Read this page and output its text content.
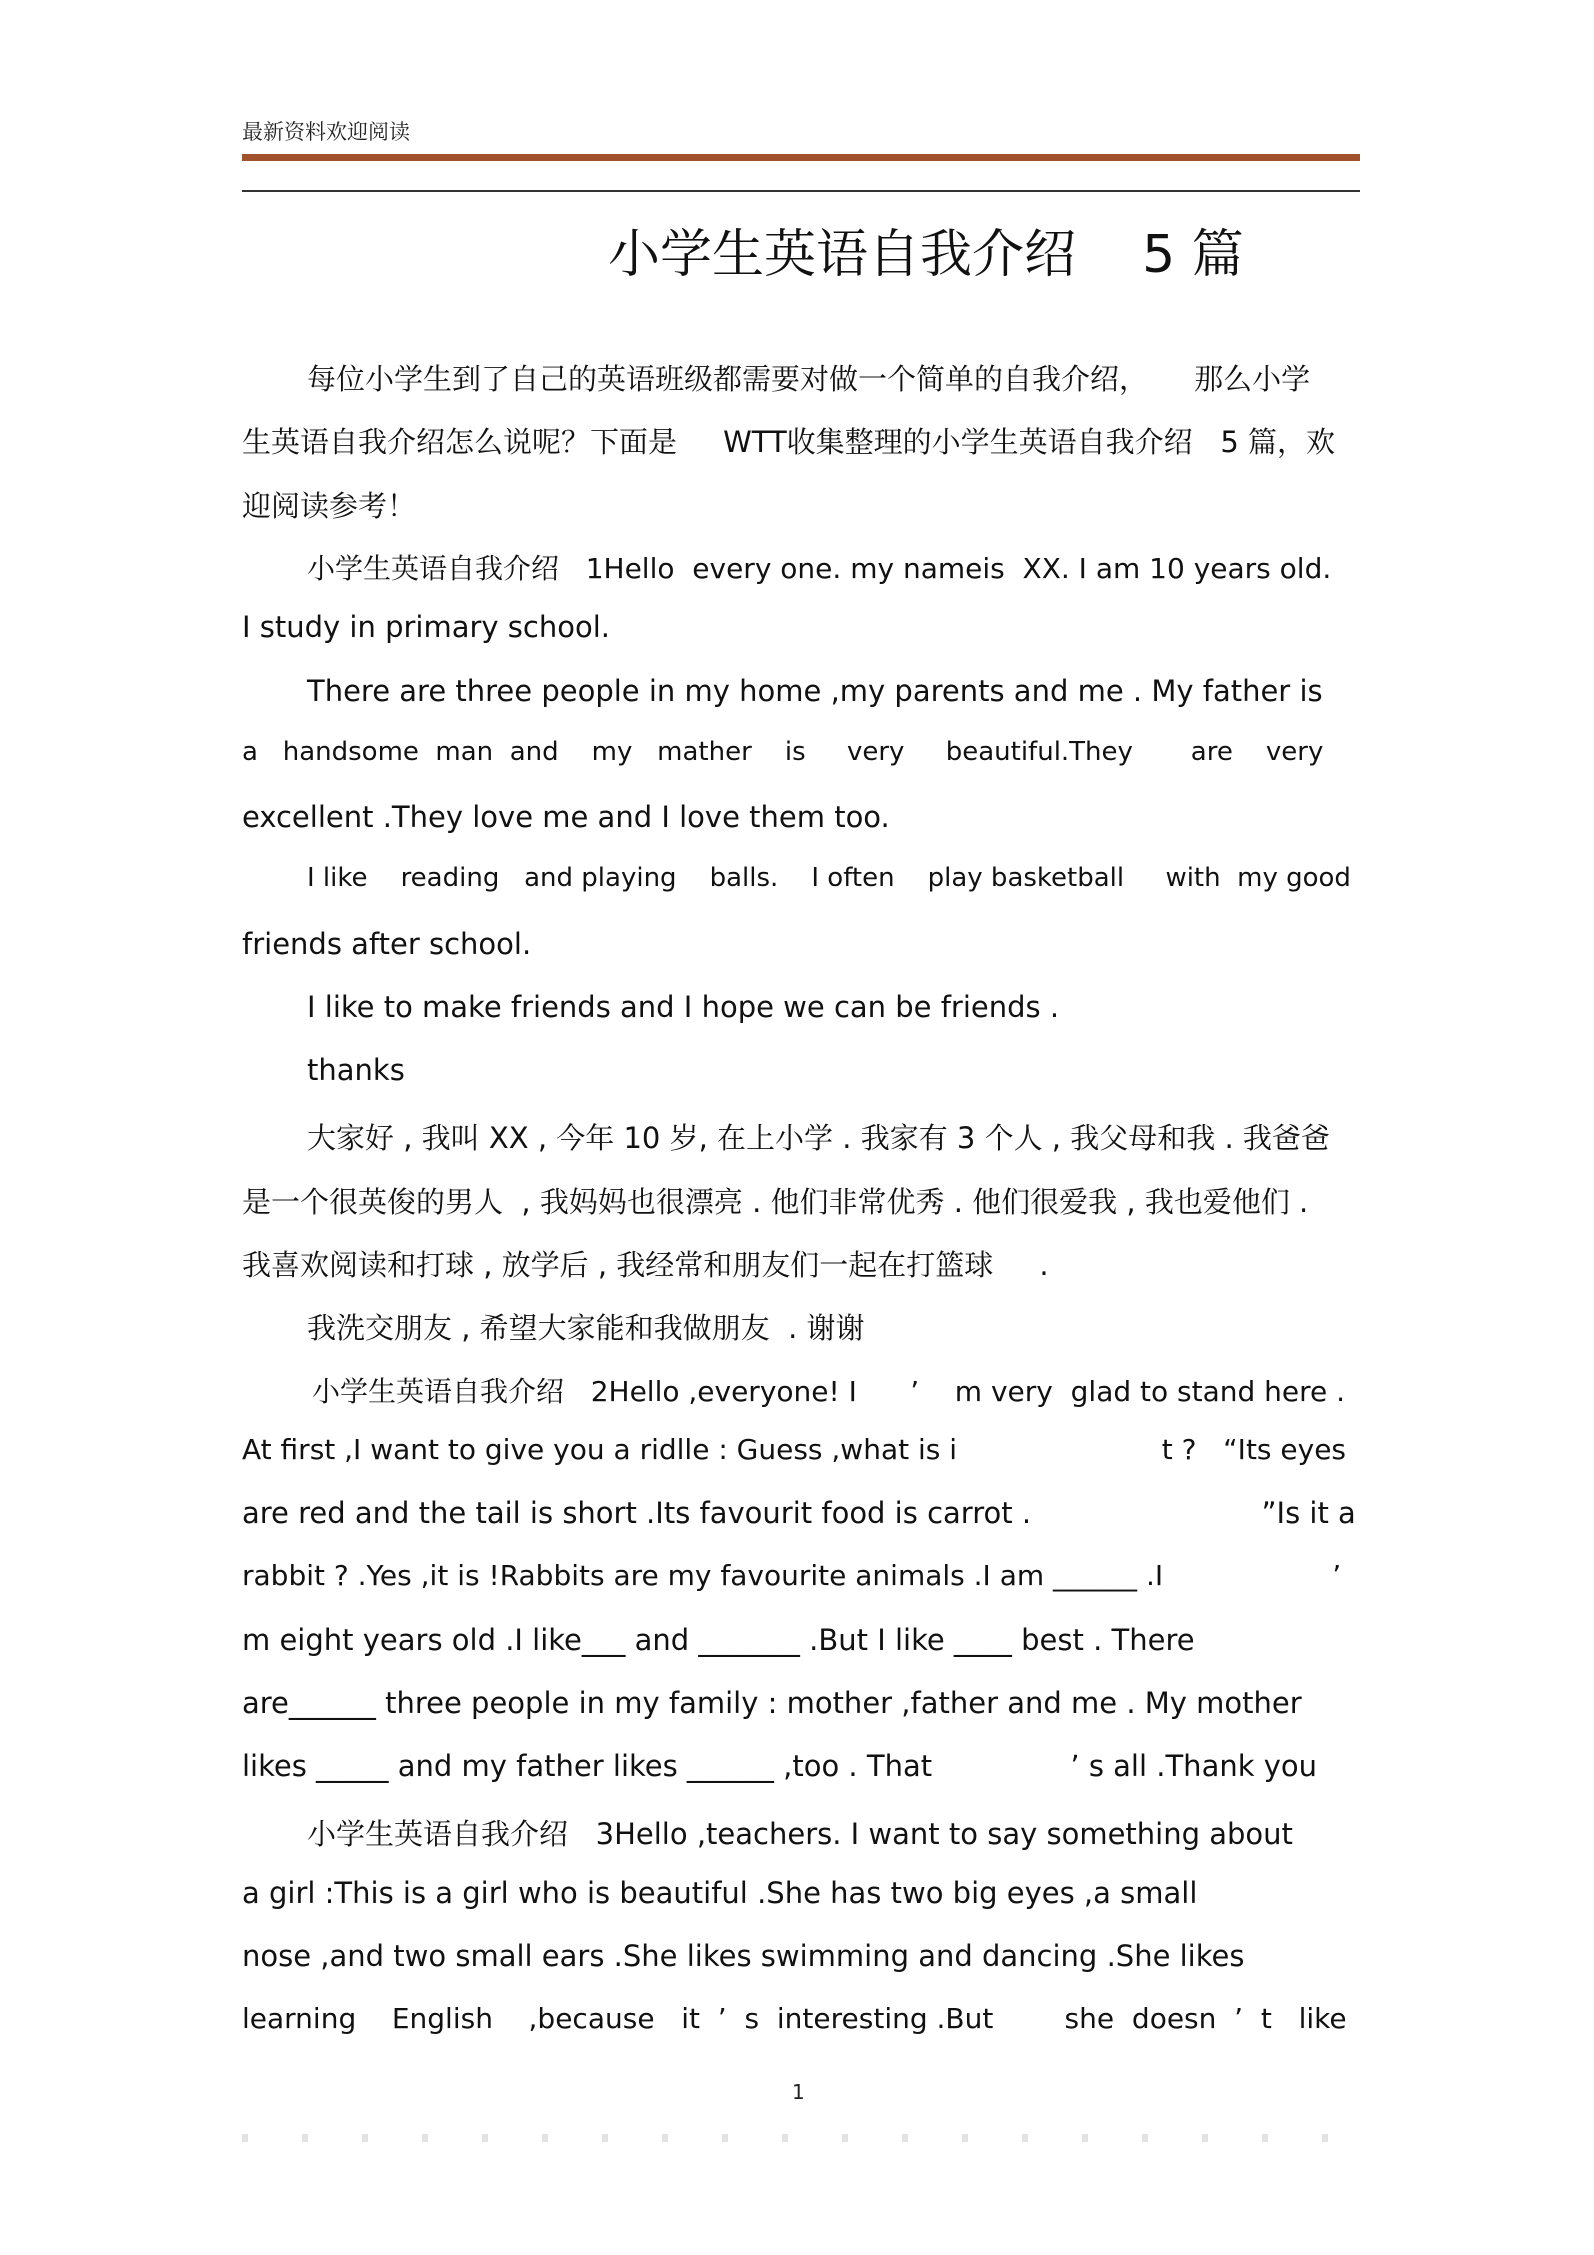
最新资料欢迎阅读
小学生英语自我介绍    5 篇
每位小学生到了自己的英语班级都需要对做一个简单的自我介绍，     那么小学
生英语自我介绍怎么说呢？下面是     WTT收集整理的小学生英语自我介绍   5 篇，欢
迎阅读参考！
小学生英语自我介绍   1Hello  every one. my nameis  XX. I am 10 years old.
I study in primary school.
There are three people in my home ,my parents and me . My father is
a   handsome  man  and    my   mather    is     very     beautiful.They       are    very
excellent .They love me and I love them too.
I like    reading   and playing    balls.    I often    play basketball     with  my good
friends after school.
I like to make friends and I hope we can be friends .
thanks
大家好 , 我叫 XX , 今年 10 岁, 在上小学 . 我家有 3 个人 , 我父母和我 . 我爸爸
是一个很英俊的男人  , 我妈妈也很漂亮 . 他们非常优秀 . 他们很爱我 , 我也爱他们 .
我喜欢阅读和打球 , 放学后 , 我经常和朋友们一起在打篮球     .
我洗交朋友 , 希望大家能和我做朋友  . 谢谢
小学生英语自我介绍   2Hello ,everyone! I      ’    m very  glad to stand here .
At first ,I want to give you a ridlle : Guess ,what is i                       t ?   “Its eyes
are red and the tail is short .Its favourit food is carrot .                         ”Is it a
rabbit ? .Yes ,it is !Rabbits are my favourite animals .I am ______ .I                   ’
m eight years old .I like___ and _______ .But I like ____ best . There
are______ three people in my family : mother ,father and me . My mother
likes _____ and my father likes ______ ,too . That               ’ s all .Thank you
小学生英语自我介绍   3Hello ,teachers. I want to say something about
a girl :This is a girl who is beautiful .She has two big eyes ,a small
nose ,and two small ears .She likes swimming and dancing .She likes
learning    English    ,because   it  ’  s  interesting .But        she  doesn  ’  t   like
1
